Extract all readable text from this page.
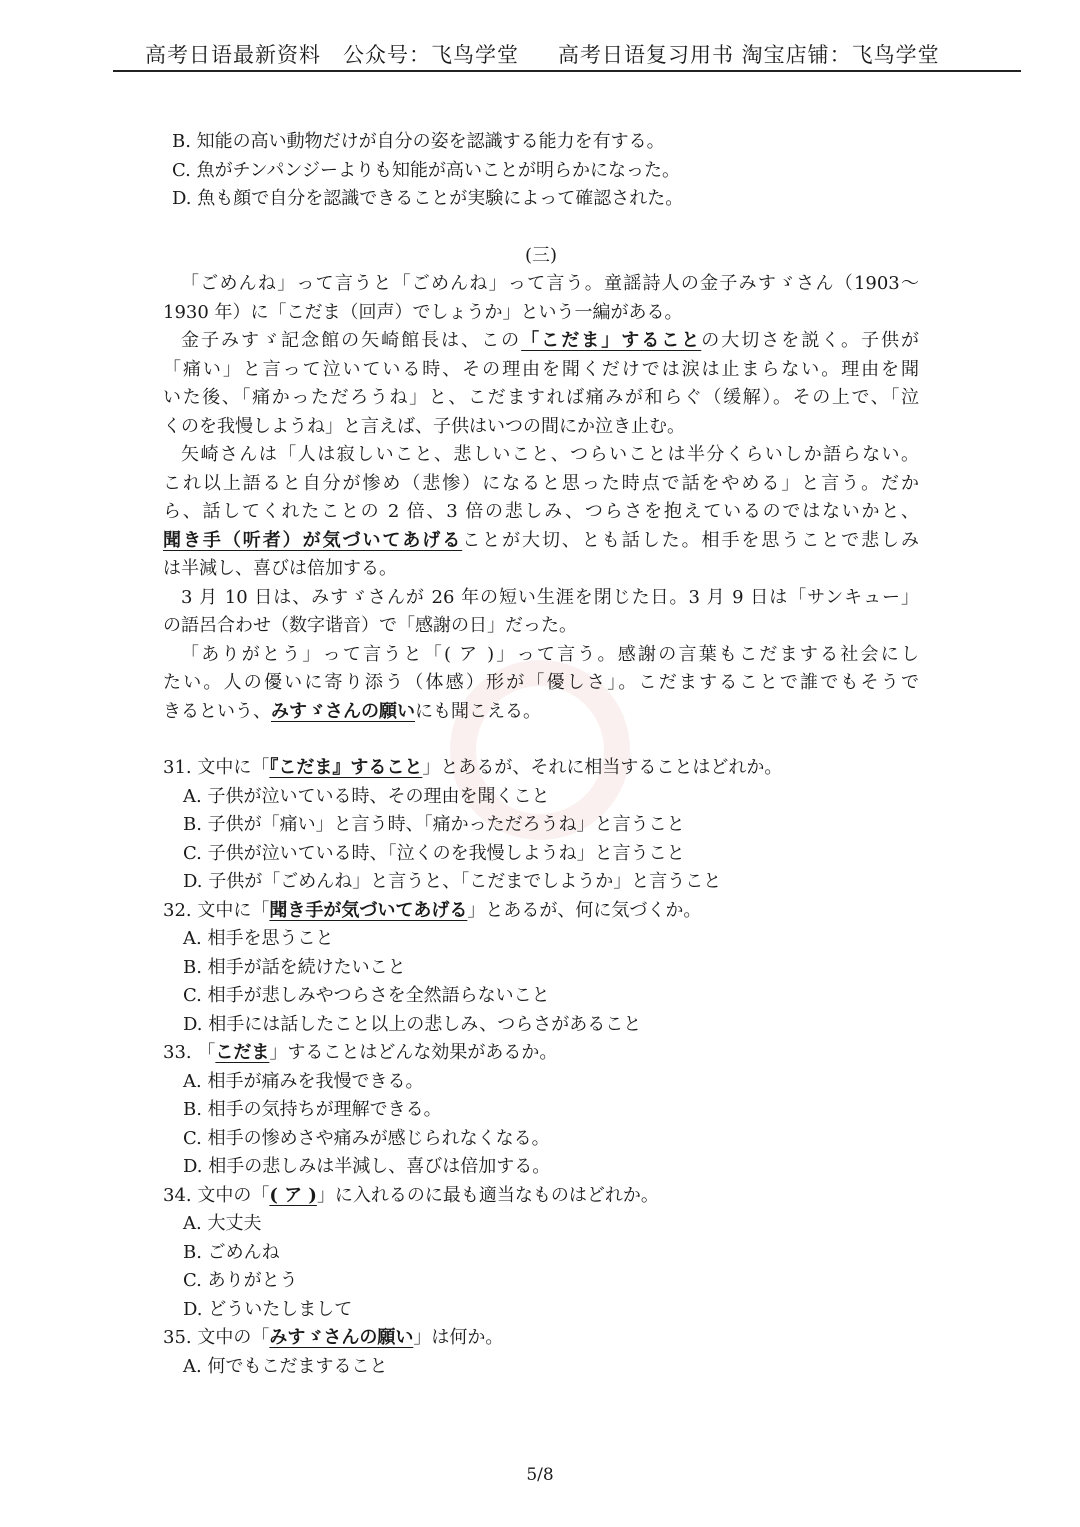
高考日语最新资料　公众号：飞鸟学堂 高考日语复习用书 淘宝店铺：飞鸟学堂
B. 知能の高い動物だけが自分の姿を認識する能力を有する。
C. 魚がチンパンジーよりも知能が高いことが明らかになった。
D. 魚も顔で自分を認識できることが実験によって確認された。
(三)
「ごめんね」って言うと「ごめんね」って言う。童謡詩人の金子みすゞさん（1903〜
1930 年）に「こだま（回声）でしょうか」という一編がある。
金子みすゞ記念館の矢崎館長は、この「こだま」することの大切さを説く。子供が
「痛い」と言って泣いている時、その理由を聞くだけでは涙は止まらない。理由を聞
いた後、「痛かっただろうね」と、こだますれば痛みが和らぐ（缓解）。その上で、「泣
くのを我慢しようね」と言えば、子供はいつの間にか泣き止む。
矢崎さんは「人は寂しいこと、悲しいこと、つらいことは半分くらいしか語らない。
これ以上語ると自分が惨め（悲惨）になると思った時点で話をやめる」と言う。だか
ら、話してくれたことの 2 倍、3 倍の悲しみ、つらさを抱えているのではないかと、
聞き手（听者）が気づいてあげることが大切、とも話した。相手を思うことで悲しみ
は半減し、喜びは倍加する。
3 月 10 日は、みすゞさんが 26 年の短い生涯を閉じた日。3 月 9 日は「サンキュー」
の語呂合わせ（数字谐音）で「感謝の日」だった。
「ありがとう」って言うと「( ア )」って言う。感謝の言葉もこだまする社会にし
たい。人の優いに寄り添う（体感）形が「優しさ」。こだますることで誰でもそうで
きるという、みすゞさんの願いにも聞こえる。
31. 文中に「『こだま』すること」とあるが、それに相当することはどれか。
A. 子供が泣いている時、その理由を聞くこと
B. 子供が「痛い」と言う時、「痛かっただろうね」と言うこと
C. 子供が泣いている時、「泣くのを我慢しようね」と言うこと
D. 子供が「ごめんね」と言うと、「こだまでしようか」と言うこと
32. 文中に「聞き手が気づいてあげる」とあるが、何に気づくか。
A. 相手を思うこと
B. 相手が話を続けたいこと
C. 相手が悲しみやつらさを全然語らないこと
D. 相手には話したこと以上の悲しみ、つらさがあること
33. 「こだま」することはどんな効果があるか。
A. 相手が痛みを我慢できる。
B. 相手の気持ちが理解できる。
C. 相手の惨めさや痛みが感じられなくなる。
D. 相手の悲しみは半減し、喜びは倍加する。
34. 文中の「( ア )」に入れるのに最も適当なものはどれか。
A. 大丈夫
B. ごめんね
C. ありがとう
D. どういたしまして
35. 文中の「みすゞさんの願い」は何か。
A. 何でもこだますること
5/8
